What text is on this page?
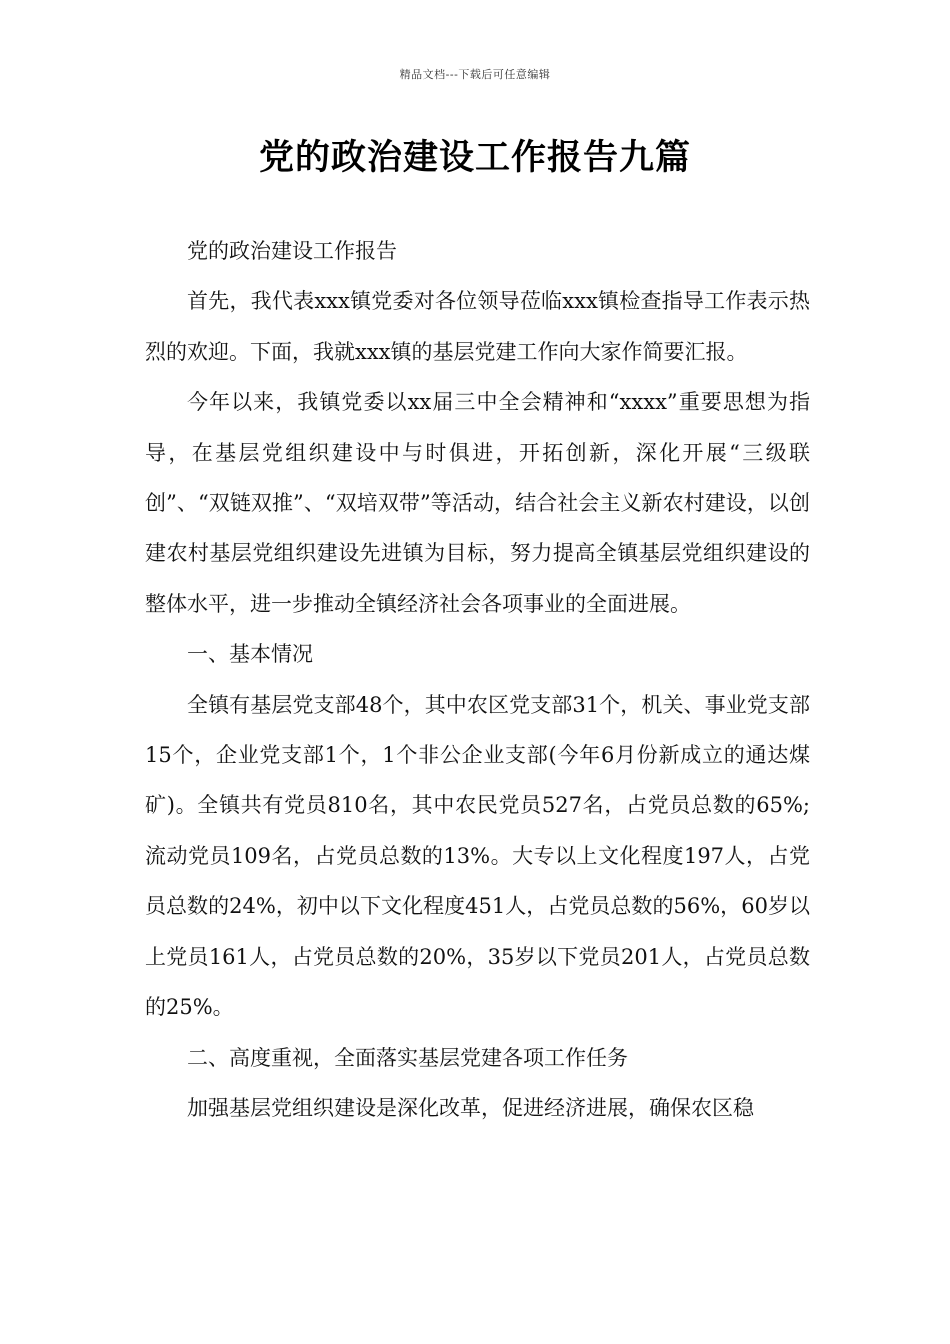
精品文档---下载后可任意编辑
党的政治建设工作报告九篇

党的政治建设工作报告

首先，我代表xxx镇党委对各位领导莅临xxx镇检查指导工作表示热烈的欢迎。下面，我就xxx镇的基层党建工作向大家作简要汇报。

今年以来，我镇党委以xx届三中全会精神和“xxxx”重要思想为指导，在基层党组织建设中与时俱进，开拓创新，深化开展“三级联创”、“双链双推”、“双培双带”等活动，结合社会主义新农村建设，以创建农村基层党组织建设先进镇为目标，努力提高全镇基层党组织建设的整体水平，进一步推动全镇经济社会各项事业的全面进展。

一、基本情况

全镇有基层党支部48个，其中农区党支部31个，机关、事业党支部15个，企业党支部1个，1个非公企业支部(今年6月份新成立的通达煤矿)。全镇共有党员810名，其中农民党员527名，占党员总数的65%;流动党员109名，占党员总数的13%。大专以上文化程度197人，占党员总数的24%，初中以下文化程度451人，占党员总数的56%，60岁以上党员161人，占党员总数的20%，35岁以下党员201人，占党员总数的25%。

二、高度重视，全面落实基层党建各项工作任务

加强基层党组织建设是深化改革，促进经济进展，确保农区稳
